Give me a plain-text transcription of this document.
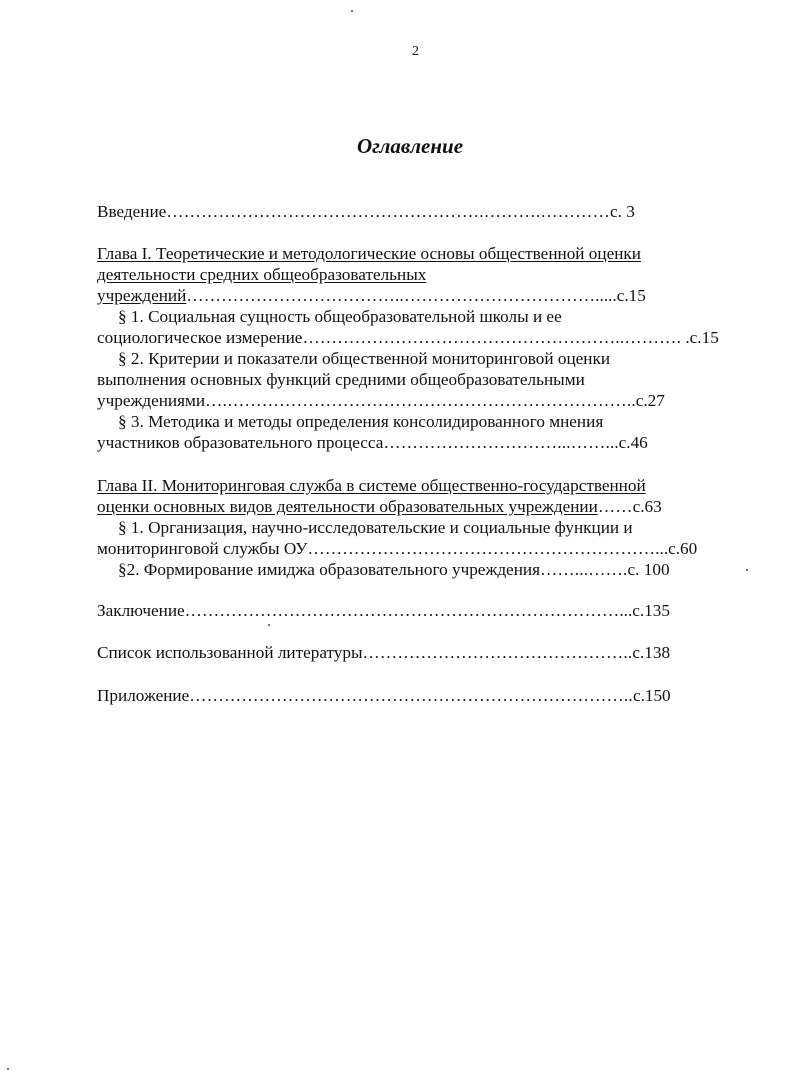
2
Оглавление
Введение……………………………………………….……….…………с. 3
Глава I. Теоретические и методологические основы общественной оценки
деятельности средних общеобразовательных
учреждений………………………………..…………………………….....с.15
§ 1. Социальная сущность общеобразовательной школы и ее
социологическое измерение………………………………………………..………. .с.15
§ 2. Критерии и показатели общественной мониторинговой оценки
выполнения основных функций средними общеобразовательными
учреждениями….……………………………………………………………..с.27
§ 3. Методика и методы определения консолидированного мнения
участников образовательного процесса…………………………...……...с.46
Глава II. Мониторинговая служба в системе общественно-государственной
оценки основных видов деятельности образовательных учреждении……с.63
§ 1. Организация, научно-исследовательские и социальные функции и
мониторинговой службы ОУ……………………………………………………...с.60
§2. Формирование имиджа образовательного учреждения……...…….с. 100
Заключение…………………………………………………………………...с.135
Список использованной литературы………………………………………..с.138
Приложение…………………………………………………………………..с.150
